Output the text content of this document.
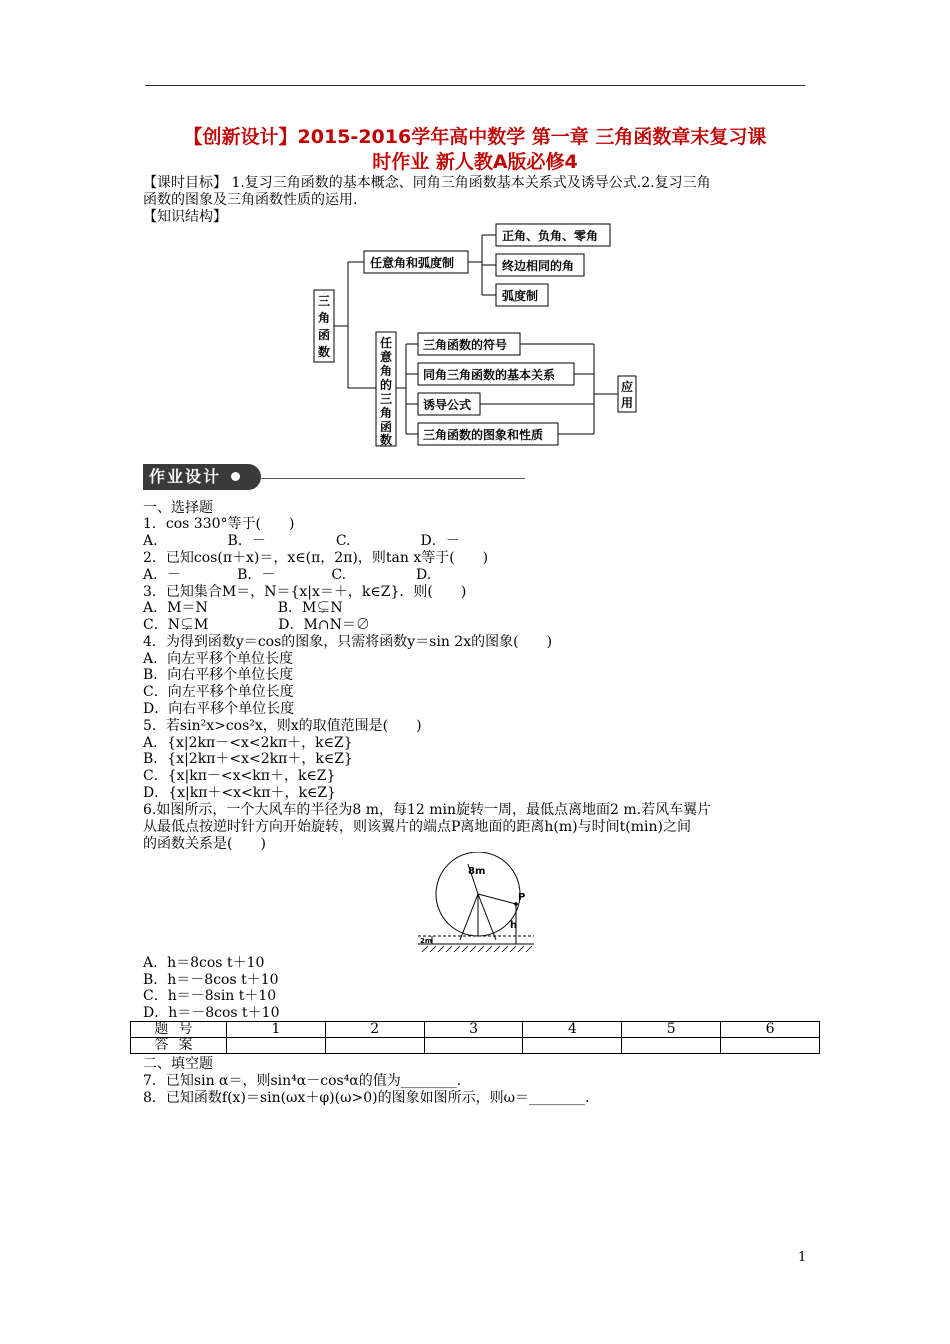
【创新设计】2015-2016学年高中数学 第一章 三角函数章末复习课
时作业 新人教A版必修4
【课时目标】 1.复习三角函数的基本概念、同角三角函数基本关系式及诱导公式.2.复习三角
函数的图象及三角函数性质的运用.
【知识结构】
三
角
函
数
任意角和弧度制
正角、负角、零角
终边相同的角
弧度制
任
意
角
的
三
角
函
数
三角函数的符号
同角三角函数的基本关系
诱导公式
三角函数的图象和性质
应
用
作业设计
一、选择题
1．cos 330°等于(　　)
A.　　　　　B．－　　　　　C.　　　　　D．－
2．已知cos(π＋x)＝，x∈(π，2π)，则tan x等于(　　)
A．－　　　　B．－　　　　C.　　　　　D.
3．已知集合M＝，N＝{x|x＝＋，k∈Z}．则(　　)
A．M＝N　　　　　B．M⊊N
C．N⊊M　　　　　D．M∩N＝∅
4．为得到函数y＝cos的图象，只需将函数y＝sin 2x的图象(　　)
A．向左平移个单位长度
B．向右平移个单位长度
C．向左平移个单位长度
D．向右平移个单位长度
5．若sin²x>cos²x，则x的取值范围是(　　)
A．{x|2kπ－<x<2kπ＋，k∈Z}
B．{x|2kπ＋<x<2kπ＋，k∈Z}
C．{x|kπ－<x<kπ＋，k∈Z}
D．{x|kπ＋<x<kπ＋，k∈Z}
6.如图所示，一个大风车的半径为8 m，每12 min旋转一周，最低点离地面2 m.若风车翼片
从最低点按逆时针方向开始旋转，则该翼片的端点P离地面的距离h(m)与时间t(min)之间
的函数关系是(　　)
8m
P
h
2m
A．h＝8cos t＋10
B．h＝－8cos t＋10
C．h＝－8sin t＋10
D．h＝－8cos t＋10
题号	1	2	3	4	5	6
答案						
二、填空题
7．已知sin α＝，则sin⁴α－cos⁴α的值为________.
8．已知函数f(x)＝sin(ωx＋φ)(ω>0)的图象如图所示，则ω＝________.
1
